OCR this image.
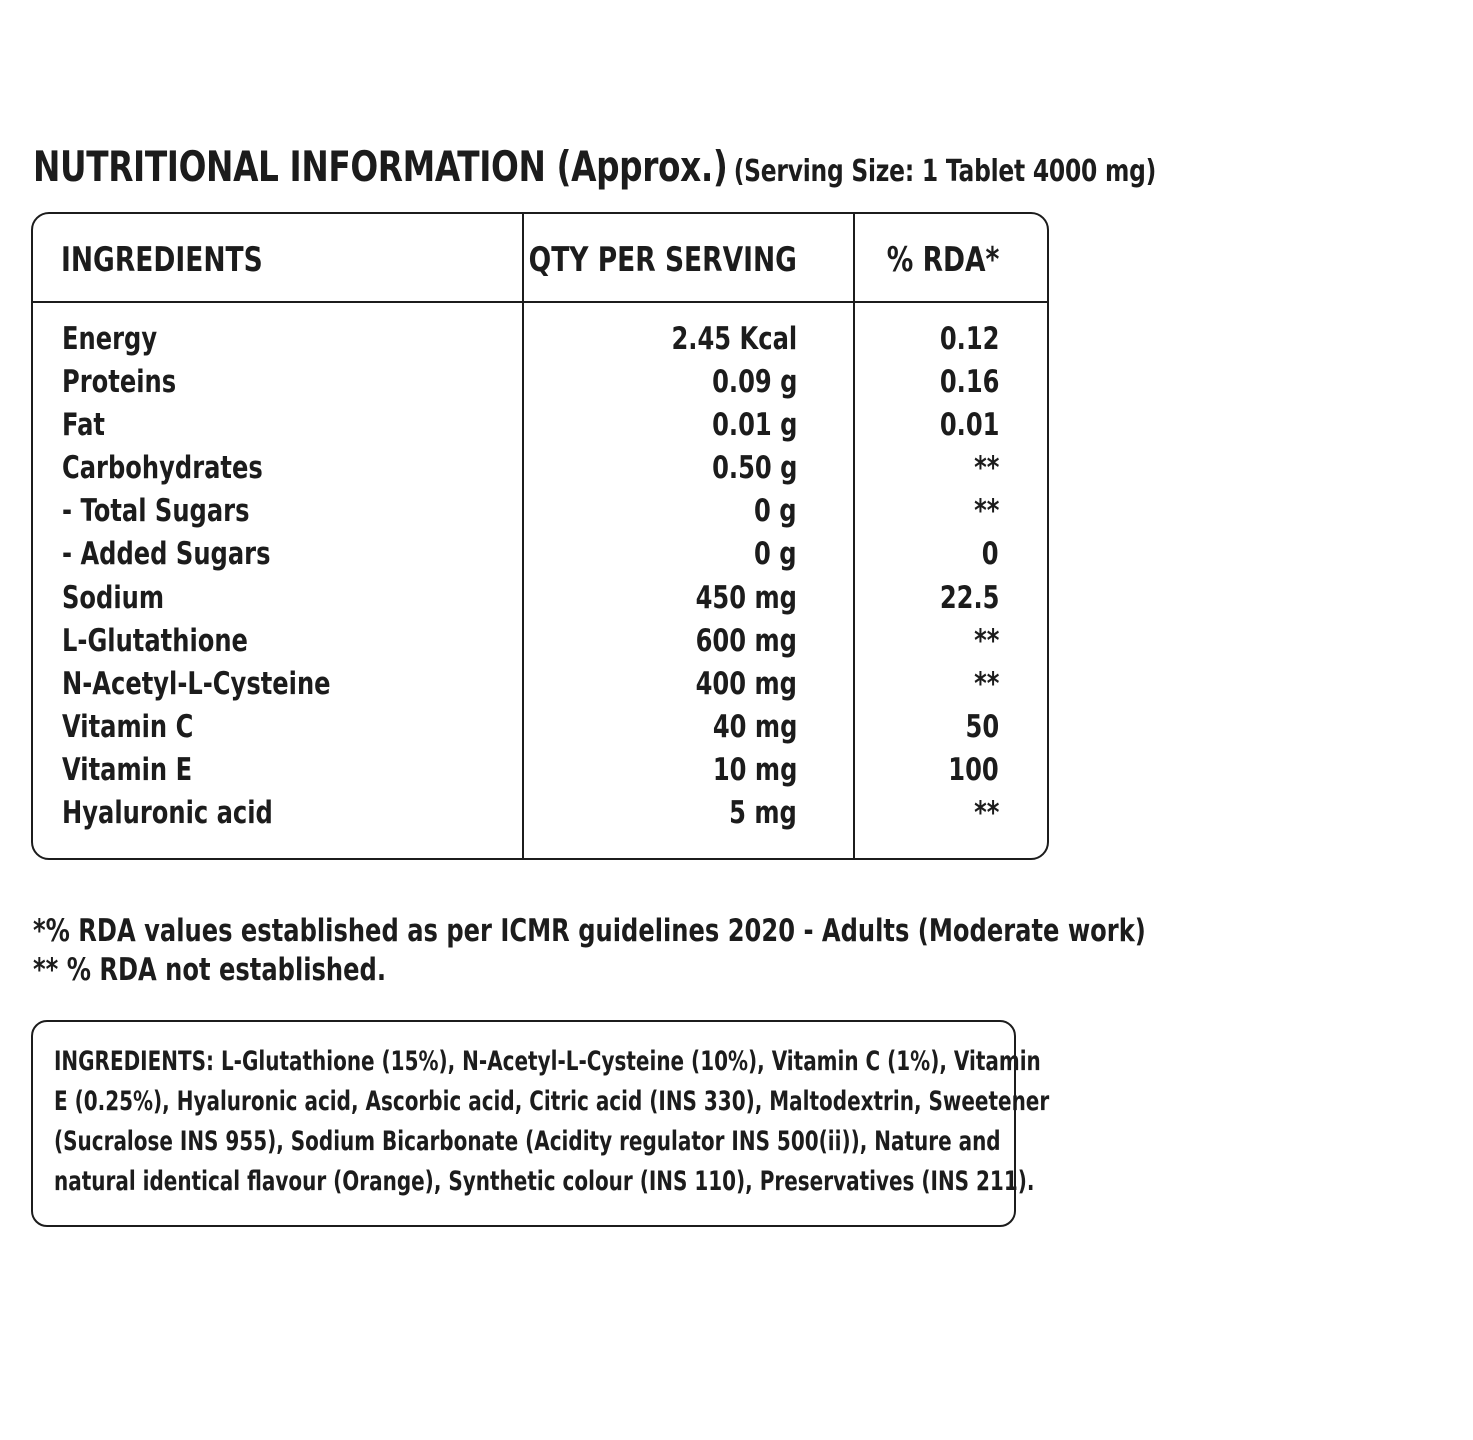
NUTRITIONAL INFORMATION (Approx.) (Serving Size: 1 Tablet 4000 mg)
INGREDIENTS	QTY PER SERVING	% RDA*
Energy	2.45 Kcal	0.12
Proteins	0.09 g	0.16
Fat	0.01 g	0.01
Carbohydrates	0.50 g	**
- Total Sugars	0 g	**
- Added Sugars	0 g	0
Sodium	450 mg	22.5
L-Glutathione	600 mg	**
N-Acetyl-L-Cysteine	400 mg	**
Vitamin C	40 mg	50
Vitamin E	10 mg	100
Hyaluronic acid	5 mg	**
*% RDA values established as per ICMR guidelines 2020 - Adults (Moderate work)
** % RDA not established.
INGREDIENTS: L-Glutathione (15%), N-Acetyl-L-Cysteine (10%), Vitamin C (1%), Vitamin
E (0.25%), Hyaluronic acid, Ascorbic acid, Citric acid (INS 330), Maltodextrin, Sweetener
(Sucralose INS 955), Sodium Bicarbonate (Acidity regulator INS 500(ii)), Nature and
natural identical flavour (Orange), Synthetic colour (INS 110), Preservatives (INS 211).
